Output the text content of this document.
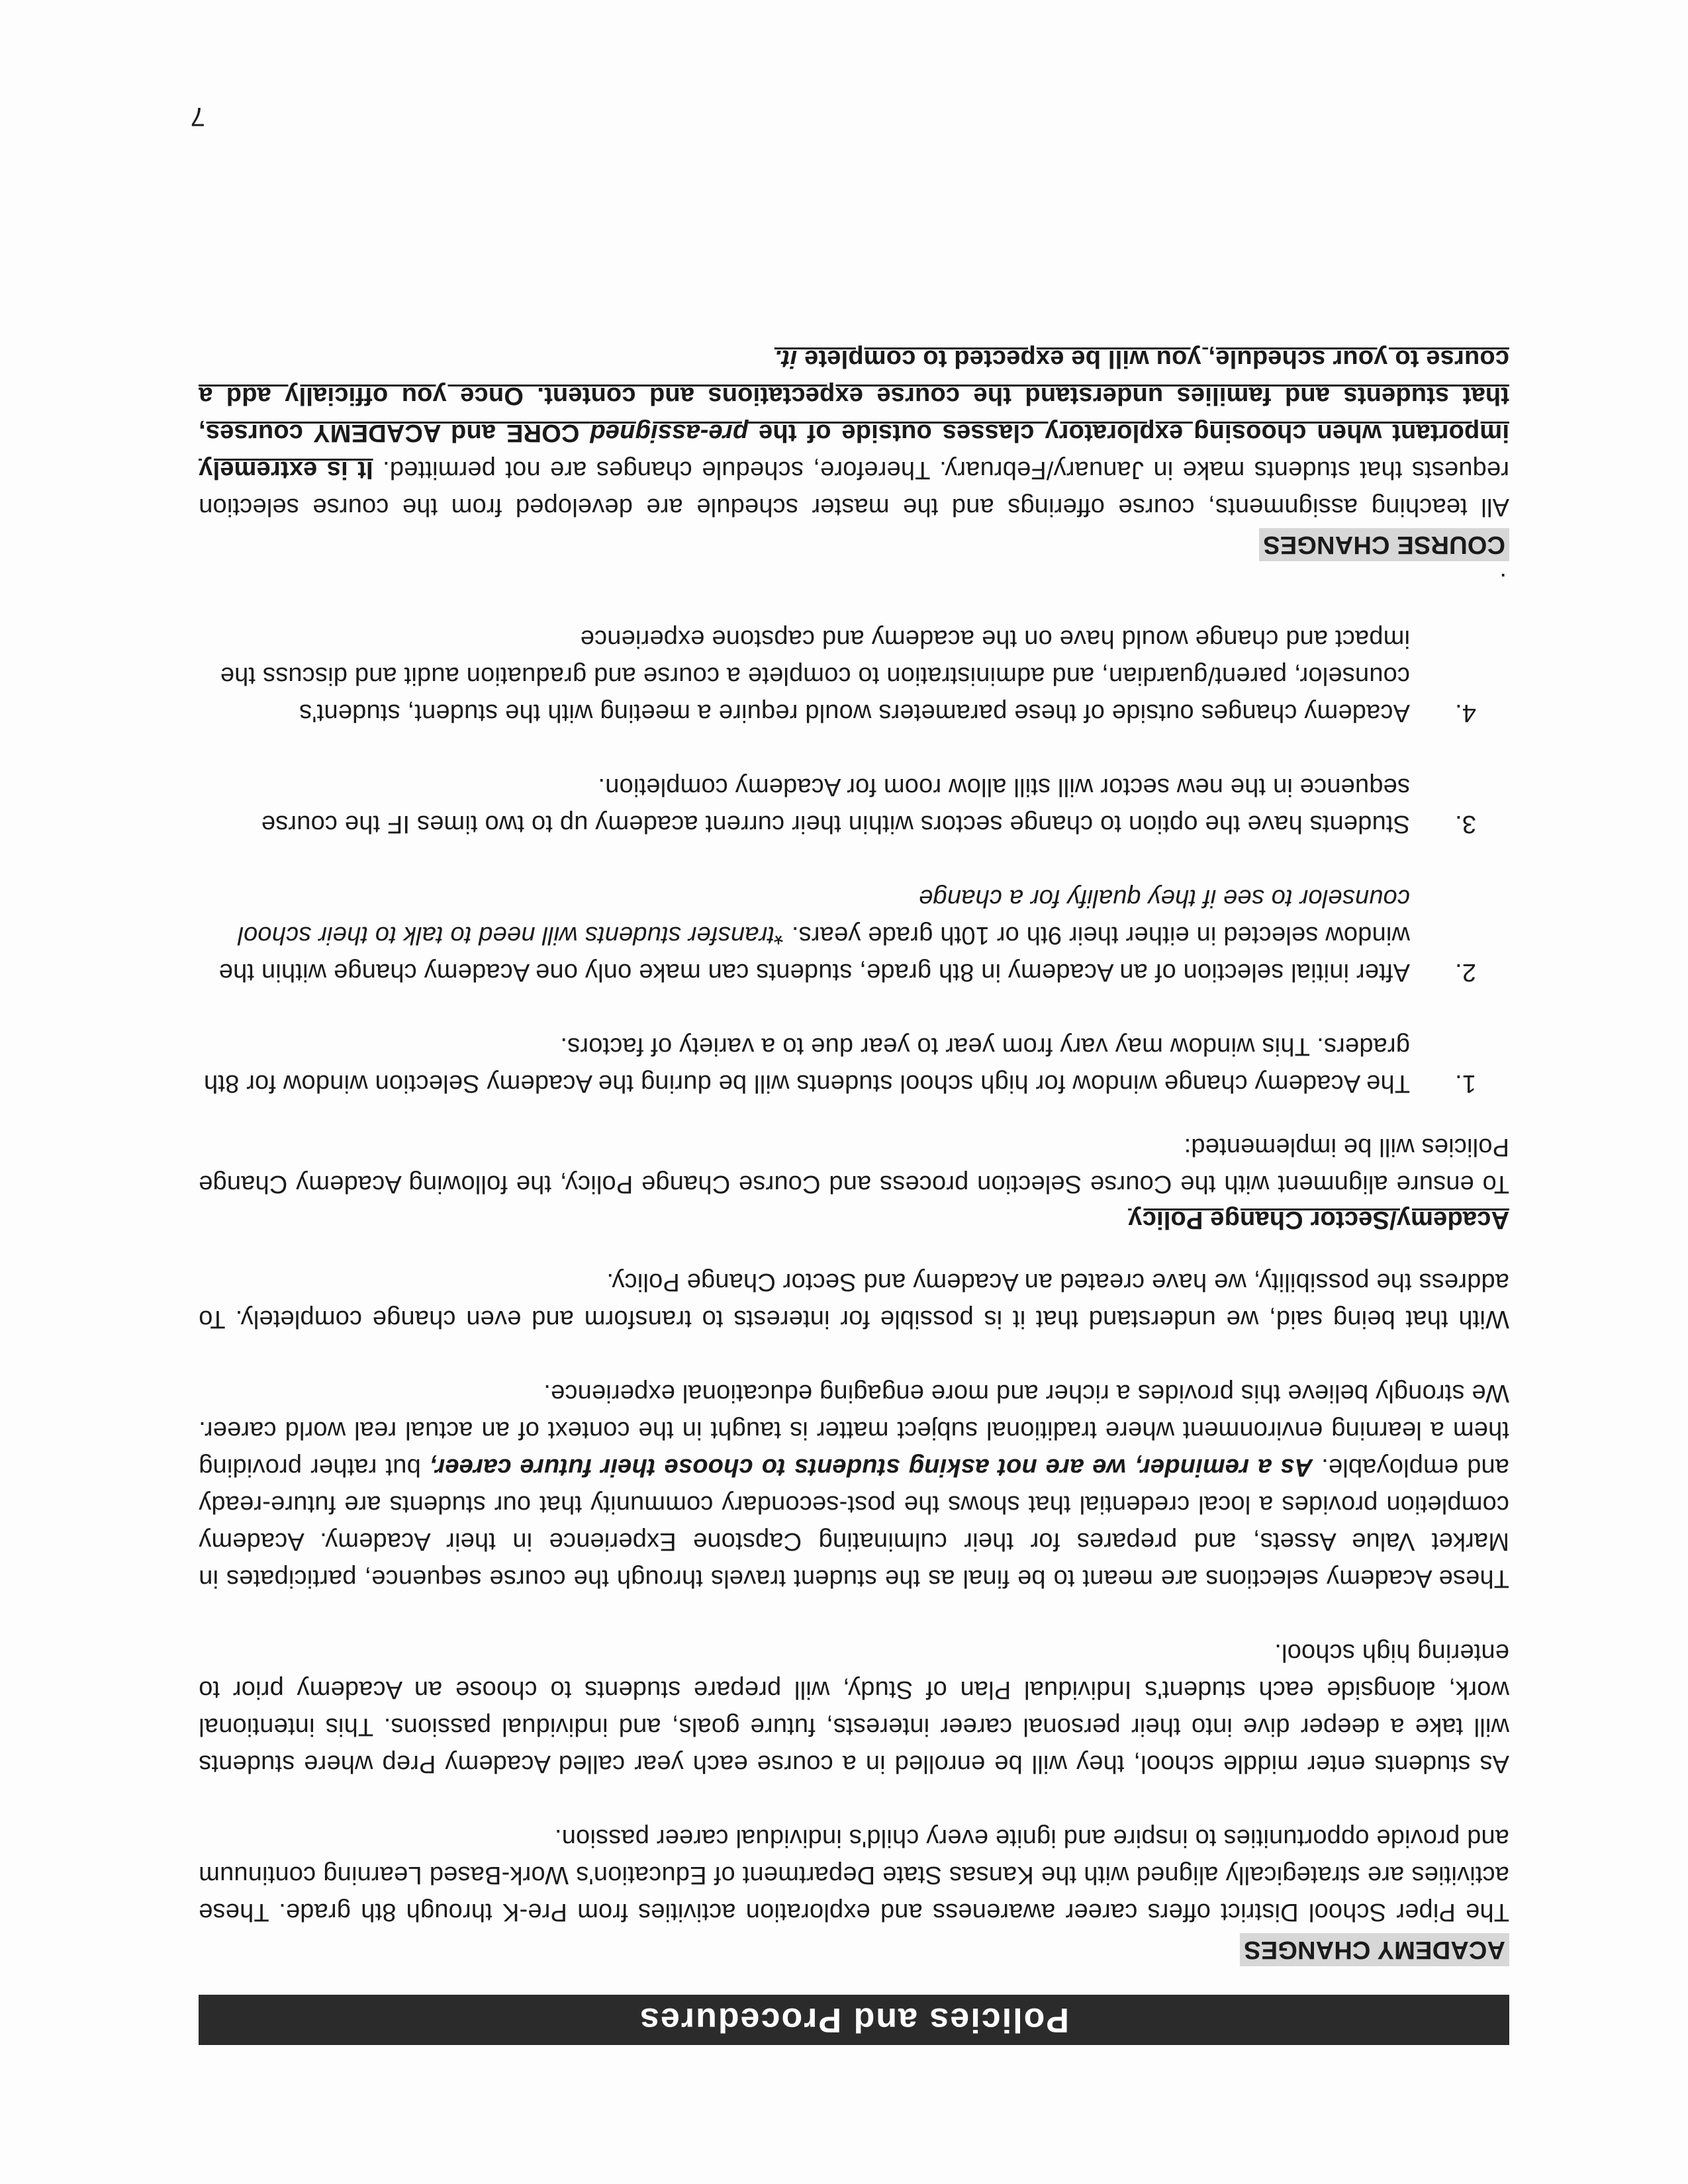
Policies and Procedures
ACADEMY CHANGES

The Piper School District offers career awareness and exploration activities from Pre-K through 8th grade. These activities are strategically aligned with the Kansas State Department of Education's Work-Based Learning continuum and provide opportunities to inspire and ignite every child's individual career passion.

As students enter middle school, they will be enrolled in a course each year called Academy Prep where students will take a deeper dive into their personal career interests, future goals, and individual passions. This intentional work, alongside each student's Individual Plan of Study, will prepare students to choose an Academy prior to entering high school.

These Academy selections are meant to be final as the student travels through the course sequence, participates in Market Value Assets, and prepares for their culminating Capstone Experience in their Academy. Academy completion provides a local credential that shows the post-secondary community that our students are future-ready and employable. As a reminder, we are not asking students to choose their future career, but rather providing them a learning environment where traditional subject matter is taught in the context of an actual real world career. We strongly believe this provides a richer and more engaging educational experience.

With that being said, we understand that it is possible for interests to transform and even change completely. To address the possibility, we have created an Academy and Sector Change Policy.

Academy/Sector Change Policy

To ensure alignment with the Course Selection process and Course Change Policy, the following Academy Change Policies will be implemented:

1.
The Academy change window for high school students will be during the Academy Selection window for 8th graders. This window may vary from year to year due to a variety of factors.
2.
After initial selection of an Academy in 8th grade, students can make only one Academy change within the window selected in either their 9th or 10th grade years. *transfer students will need to talk to their school counselor to see if they qualify for a change
3.
Students have the option to change sectors within their current academy up to two times IF the course sequence in the new sector will still allow room for Academy completion.
4.
Academy changes outside of these parameters would require a meeting with the student, student's counselor, parent/guardian, and administration to complete a course and graduation audit and discuss the impact and change would have on the academy and capstone experience
.
COURSE CHANGES

All teaching assignments, course offerings and the master schedule are developed from the course selection requests that students make in January/February. Therefore, schedule changes are not permitted. It is extremely important when choosing exploratory classes outside of the pre-assigned CORE and ACADEMY courses, that students and families understand the course expectations and content. Once you officially add a course to your schedule, you will be expected to complete it.

7
